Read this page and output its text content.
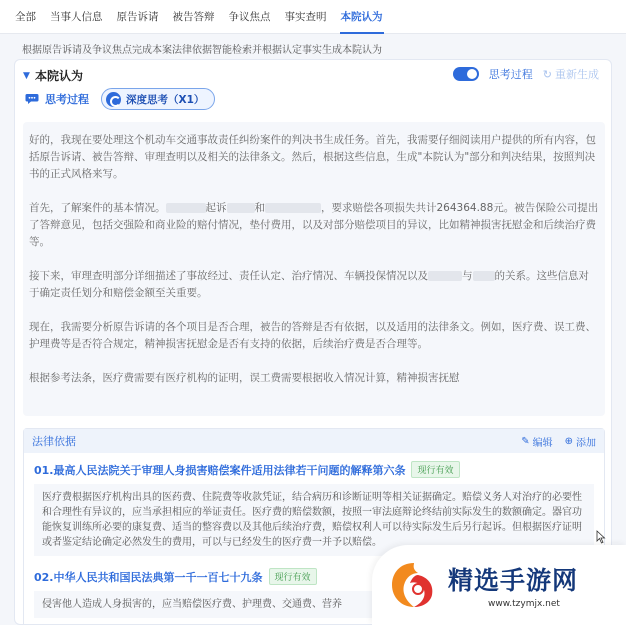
全部	当事人信息	原告诉请	被告答辩	争议焦点	事实查明	本院认为
根据原告诉请及争议焦点完成本案法律依据智能检索并根据认定事实生成本院认为
▼ 本院认为	思考过程 ↻ 重新生成
思考过程	深度思考（X1）

好的，我现在要处理这个机动车交通事故责任纠纷案件的判决书生成任务。首先，我需要仔细阅读用户提供的所有内容，包括原告诉请、被告答辩、审理查明以及相关的法律条文。然后，根据这些信息，生成"本院认为"部分和判决结果，按照判决书的正式风格来写。

首先，了解案件的基本情况。	起诉	和	，要求赔偿各项损失共计264364.88元。被告保险公司提出了答辩意见，包括交强险和商业险的赔付情况，垫付费用，以及对部分赔偿项目的异议，比如精神损害抚慰金和后续治疗费等。

接下来，审理查明部分详细描述了事故经过、责任认定、治疗情况、车辆投保情况以及	与 的关系。这些信息对于确定责任划分和赔偿金额至关重要。

现在，我需要分析原告诉请的各个项目是否合理，被告的答辩是否有依据，以及适用的法律条文。例如，医疗费、误工费、护理费等是否符合规定，精神损害抚慰金是否有支持的依据，后续治疗费是否合理等。

根据参考法条，医疗费需要有医疗机构的证明，误工费需要根据收入情况计算，精神损害抚慰

法律依据	✎ 编辑 ⊕ 添加
01.最高人民法院关于审理人身损害赔偿案件适用法律若干问题的解释第六条	现行有效
医疗费根据医疗机构出具的医药费、住院费等收款凭证，结合病历和诊断证明等相关证据确定。赔偿义务人对治疗的必要性和合理性有异议的，应当承担相应的举证责任。医疗费的赔偿数额，按照一审法庭辩论终结前实际发生的数额确定。器官功能恢复训练所必要的康复费、适当的整容费以及其他后续治疗费，赔偿权利人可以待实际发生后另行起诉。但根据医疗证明或者鉴定结论确定必然发生的费用，可以与已经发生的医疗费一并予以赔偿。
02.中华人民共和国民法典第一千一百七十九条	现行有效
侵害他人造成人身损害的，应当赔偿医疗费、护理费、交通费、营养
精选手游网
www.tzymjx.net
